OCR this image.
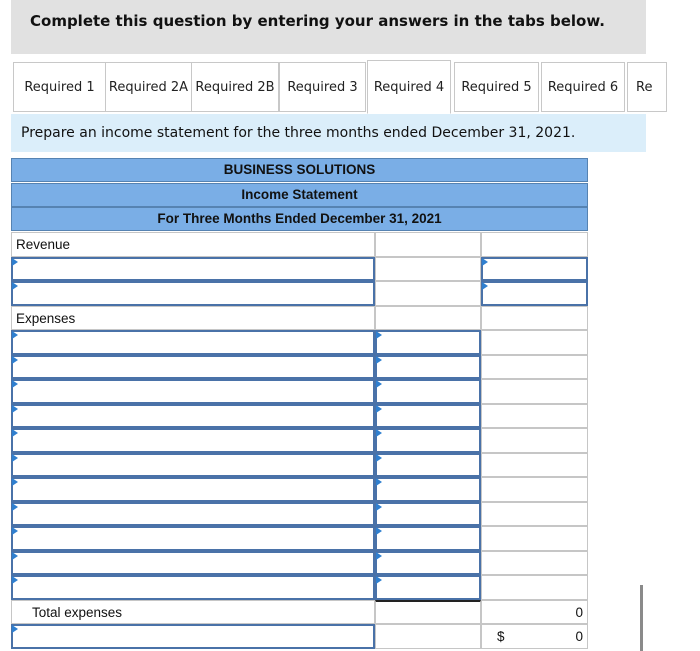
Complete this question by entering your answers in the tabs below.
Required 1	Required 2A Required 2B Required 3	Required 4	Required 5	Required 6	Re
Prepare an income statement for the three months ended December 31, 2021.
BUSINESS SOLUTIONS
Income Statement
For Three Months Ended December 31, 2021
Revenue
Expenses
Total expenses	0
$	0
